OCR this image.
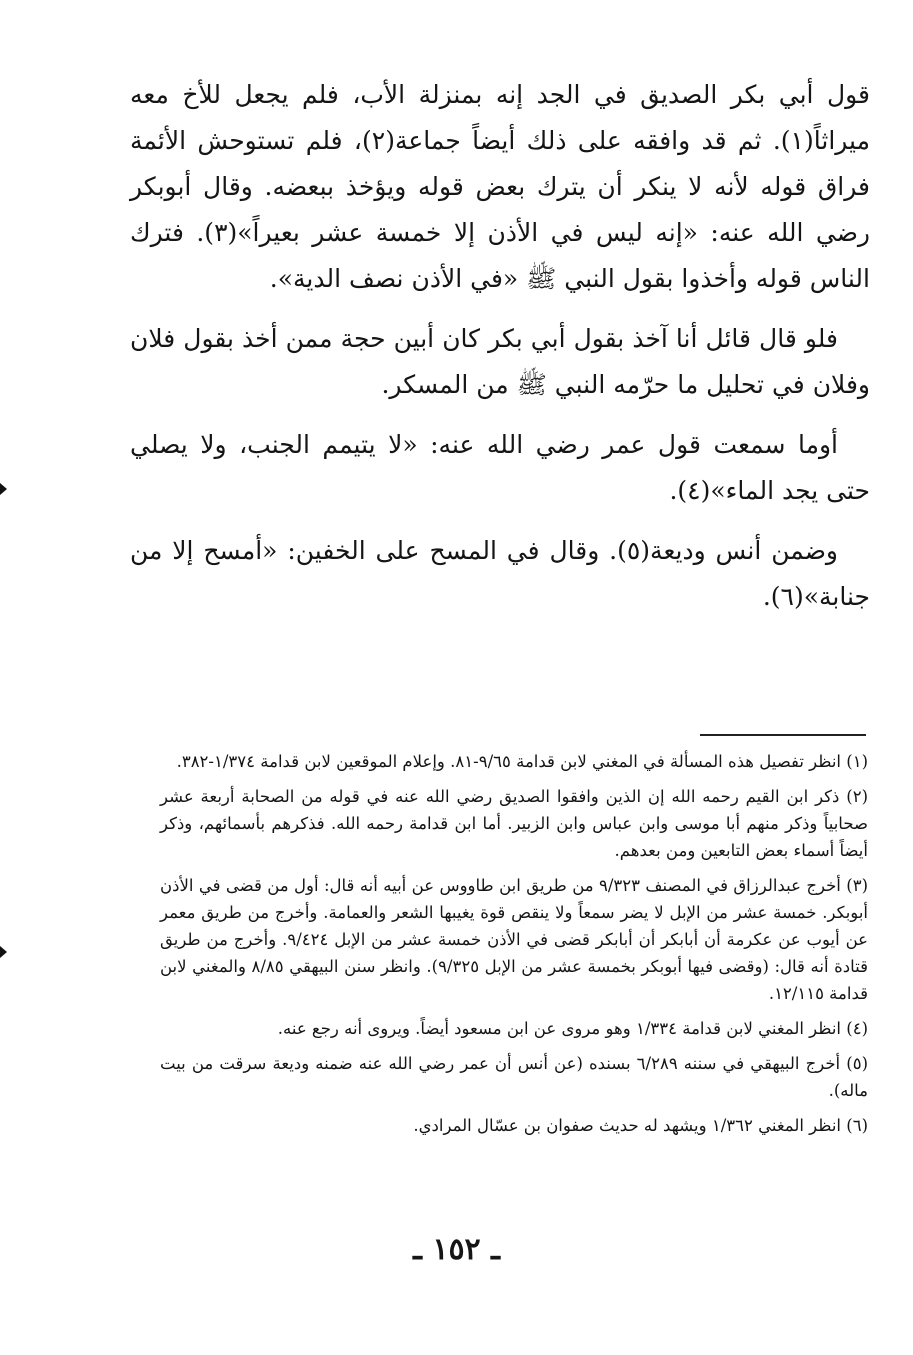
قول أبي بكر الصديق في الجد إنه بمنزلة الأب، فلم يجعل للأخ معه ميراثاً(١). ثم قد وافقه على ذلك أيضاً جماعة(٢)، فلم تستوحش الأئمة فراق قوله لأنه لا ينكر أن يترك بعض قوله ويؤخذ ببعضه. وقال أبوبكر رضي الله عنه: «إنه ليس في الأذن إلا خمسة عشر بعيراً»(٣). فترك الناس قوله وأخذوا بقول النبي ﷺ «في الأذن نصف الدية».

فلو قال قائل أنا آخذ بقول أبي بكر كان أبين حجة ممن أخذ بقول فلان وفلان في تحليل ما حرّمه النبي ﷺ من المسكر.

أوما سمعت قول عمر رضي الله عنه: «لا يتيمم الجنب، ولا يصلي حتى يجد الماء»(٤).

وضمن أنس وديعة(٥). وقال في المسح على الخفين: «أمسح إلا من جنابة»(٦).

(١) انظر تفصيل هذه المسألة في المغني لابن قدامة ٩/٦٥-٨١. وإعلام الموقعين لابن قدامة ١/٣٧٤-٣٨٢.

(٢) ذكر ابن القيم رحمه الله إن الذين وافقوا الصديق رضي الله عنه في قوله من الصحابة أربعة عشر صحابياً وذكر منهم أبا موسى وابن عباس وابن الزبير. أما ابن قدامة رحمه الله. فذكرهم بأسمائهم، وذكر أيضاً أسماء بعض التابعين ومن بعدهم.

(٣) أخرج عبدالرزاق في المصنف ٩/٣٢٣ من طريق ابن طاووس عن أبيه أنه قال: أول من قضى في الأذن أبوبكر. خمسة عشر من الإبل لا يضر سمعاً ولا ينقص قوة يغيبها الشعر والعمامة. وأخرج من طريق معمر عن أيوب عن عكرمة أن أبابكر أن أبابكر قضى في الأذن خمسة عشر من الإبل ٩/٤٢٤. وأخرج من طريق قتادة أنه قال: (وقضى فيها أبوبكر بخمسة عشر من الإبل ٩/٣٢٥). وانظر سنن البيهقي ٨/٨٥ والمغني لابن قدامة ١٢/١١٥.

(٤) انظر المغني لابن قدامة ١/٣٣٤ وهو مروى عن ابن مسعود أيضاً. ويروى أنه رجع عنه.

(٥) أخرج البيهقي في سننه ٦/٢٨٩ بسنده (عن أنس أن عمر رضي الله عنه ضمنه وديعة سرقت من بيت ماله).

(٦) انظر المغني ١/٣٦٢ ويشهد له حديث صفوان بن عسّال المرادي.

ـ ١٥٢ ـ
